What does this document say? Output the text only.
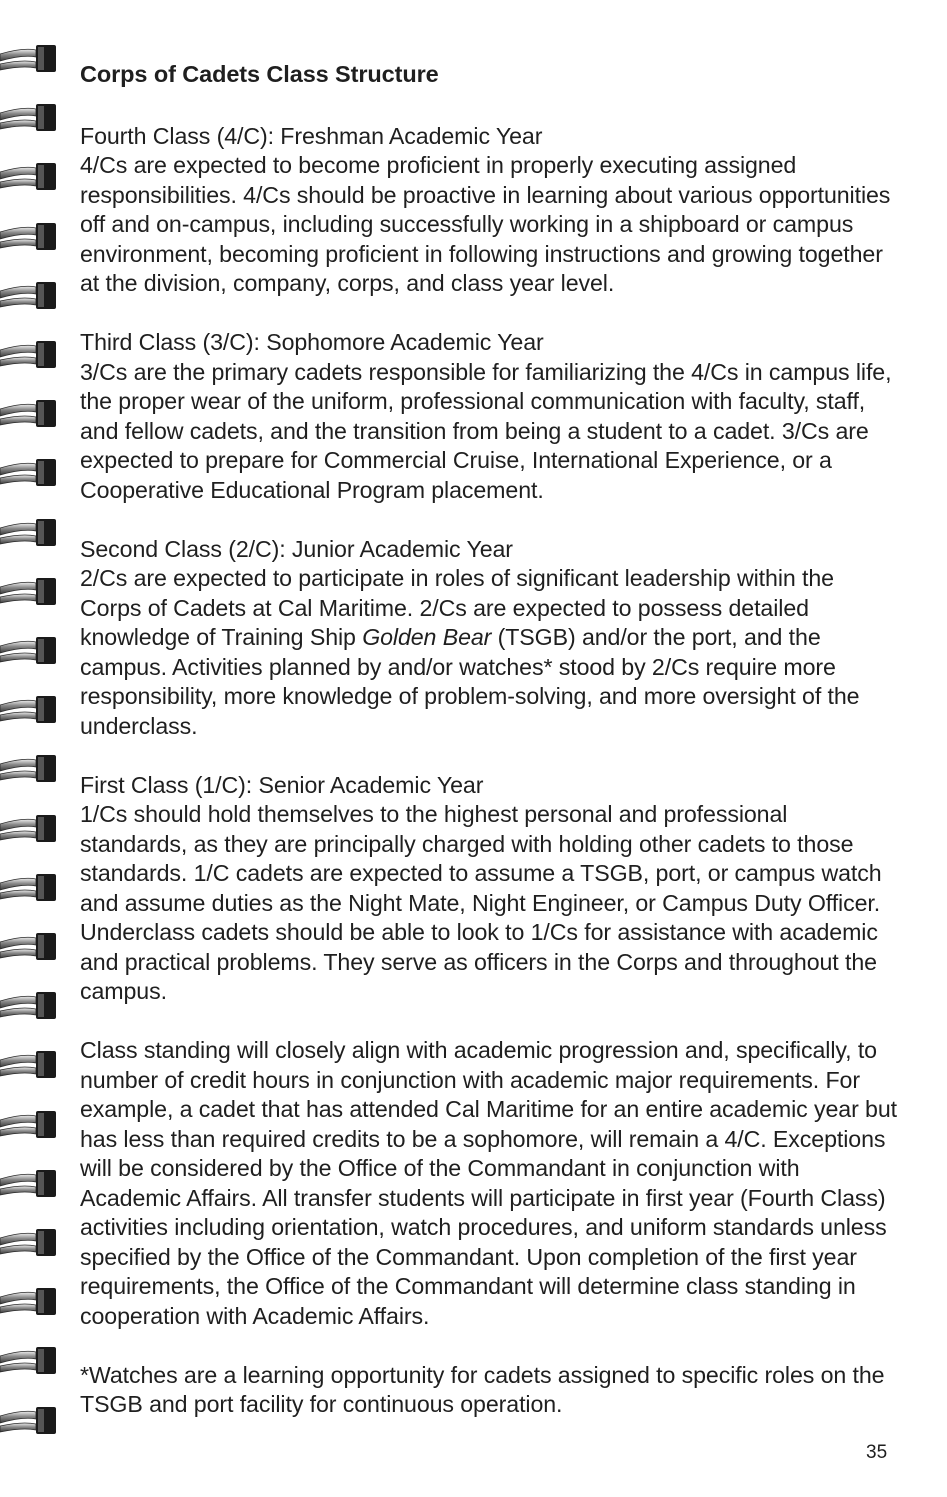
Corps of Cadets Class Structure

Fourth Class (4/C): Freshman Academic Year

4/Cs are expected to become proficient in properly executing assigned responsibilities. 4/Cs should be proactive in learning about various opportunities off and on-campus, including successfully working in a shipboard or campus environment, becoming proficient in following instructions and growing together at the division, company, corps, and class year level.

Third Class (3/C): Sophomore Academic Year

3/Cs are the primary cadets responsible for familiarizing the 4/Cs in campus life, the proper wear of the uniform, professional communication with faculty, staff, and fellow cadets, and the transition from being a student to a cadet. 3/Cs are expected to prepare for Commercial Cruise, International Experience, or a Cooperative Educational Program placement.

Second Class (2/C): Junior Academic Year

2/Cs are expected to participate in roles of significant leadership within the Corps of Cadets at Cal Maritime. 2/Cs are expected to possess detailed knowledge of Training Ship Golden Bear (TSGB) and/or the port, and the campus. Activities planned by and/or watches* stood by 2/Cs require more responsibility, more knowledge of problem-solving, and more oversight of the underclass.

First Class (1/C): Senior Academic Year

1/Cs should hold themselves to the highest personal and professional standards, as they are principally charged with holding other cadets to those standards. 1/C cadets are expected to assume a TSGB, port, or campus watch and assume duties as the Night Mate, Night Engineer, or Campus Duty Officer. Underclass cadets should be able to look to 1/Cs for assistance with academic and practical problems. They serve as officers in the Corps and throughout the campus.

Class standing will closely align with academic progression and, specifically, to number of credit hours in conjunction with academic major requirements. For example, a cadet that has attended Cal Maritime for an entire academic year but has less than required credits to be a sophomore, will remain a 4/C. Exceptions will be considered by the Office of the Commandant in conjunction with Academic Affairs. All transfer students will participate in first year (Fourth Class) activities including orientation, watch procedures, and uniform standards unless specified by the Office of the Commandant. Upon completion of the first year requirements, the Office of the Commandant will determine class standing in cooperation with Academic Affairs.

*Watches are a learning opportunity for cadets assigned to specific roles on the TSGB and port facility for continuous operation.

35
